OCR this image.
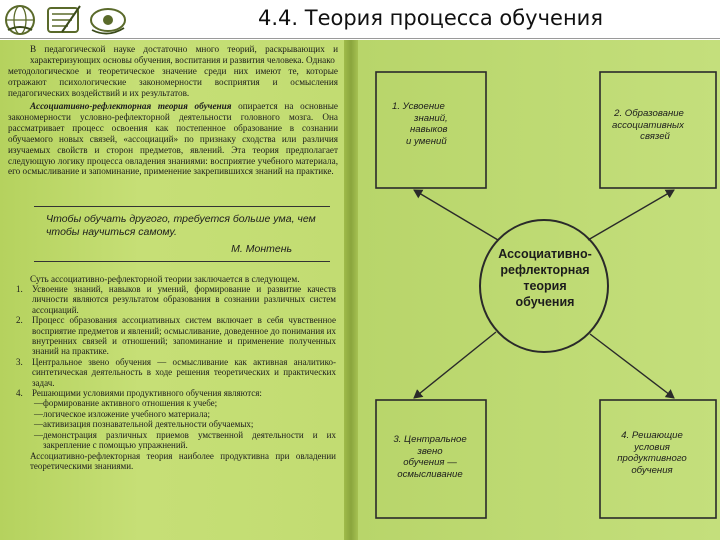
4.4. Теория процесса обучения
В педагогической науке достаточно много теорий, раскрывающих и характеризующих основы обучения, воспитания и развития человека. Однако
методологическое и теоретическое значение среди них имеют те, которые отражают психологические закономерности восприятия и осмысления педагогических воздействий и их результатов.
Ассоциативно-рефлекторная теория обучения опирается на основные закономерности условно-рефлекторной деятельности головного мозга. Она рассматривает процесс освоения как постепенное образование в сознании обучаемого новых связей, «ассоциаций» по признаку сходства или различия изучаемых свойств и сторон предметов, явлений. Эта теория предполагает следующую логику процесса овладения знаниями: восприятие учебного материала, его осмысливание и запоминание, применение закрепившихся знаний на практике.
Чтобы обучать другого, требуется больше ума, чем чтобы научиться самому.
М. Монтень
Суть ассоциативно-рефлекторной теории заключается в следующем.
1.	Усвоение знаний, навыков и умений, формирование и развитие качеств личности являются результатом образования в сознании различных систем ассоциаций.
2.	Процесс образования ассоциативных систем включает в себя чувственное восприятие предметов и явлений; осмысливание, доведенное до понимания их внутренних связей и отношений; запоминание и применение полученных знаний на практике.
3.	Центральное звено обучения — осмысливание как активная аналитико-синтетическая деятельность в ходе решения теоретических и практических задач.
4.	Решающими условиями продуктивного обучения являются:
— формирование активного отношения к учебе;
— логическое изложение учебного материала;
— активизация познавательной деятельности обучаемых;
— демонстрация различных приемов умственной деятельности и их закрепление с помощью упражнений.
Ассоциативно-рефлекторная теория наиболее продуктивна при овладении теоретическими знаниями.
1. Усвоение
знаний,
навыков
и умений
2. Образование
ассоциативных
связей
Ассоциативно-
рефлекторная
теория
обучения
3. Центральное
звено
обучения —
осмысливание
4. Решающие
условия
продуктивного
обучения
